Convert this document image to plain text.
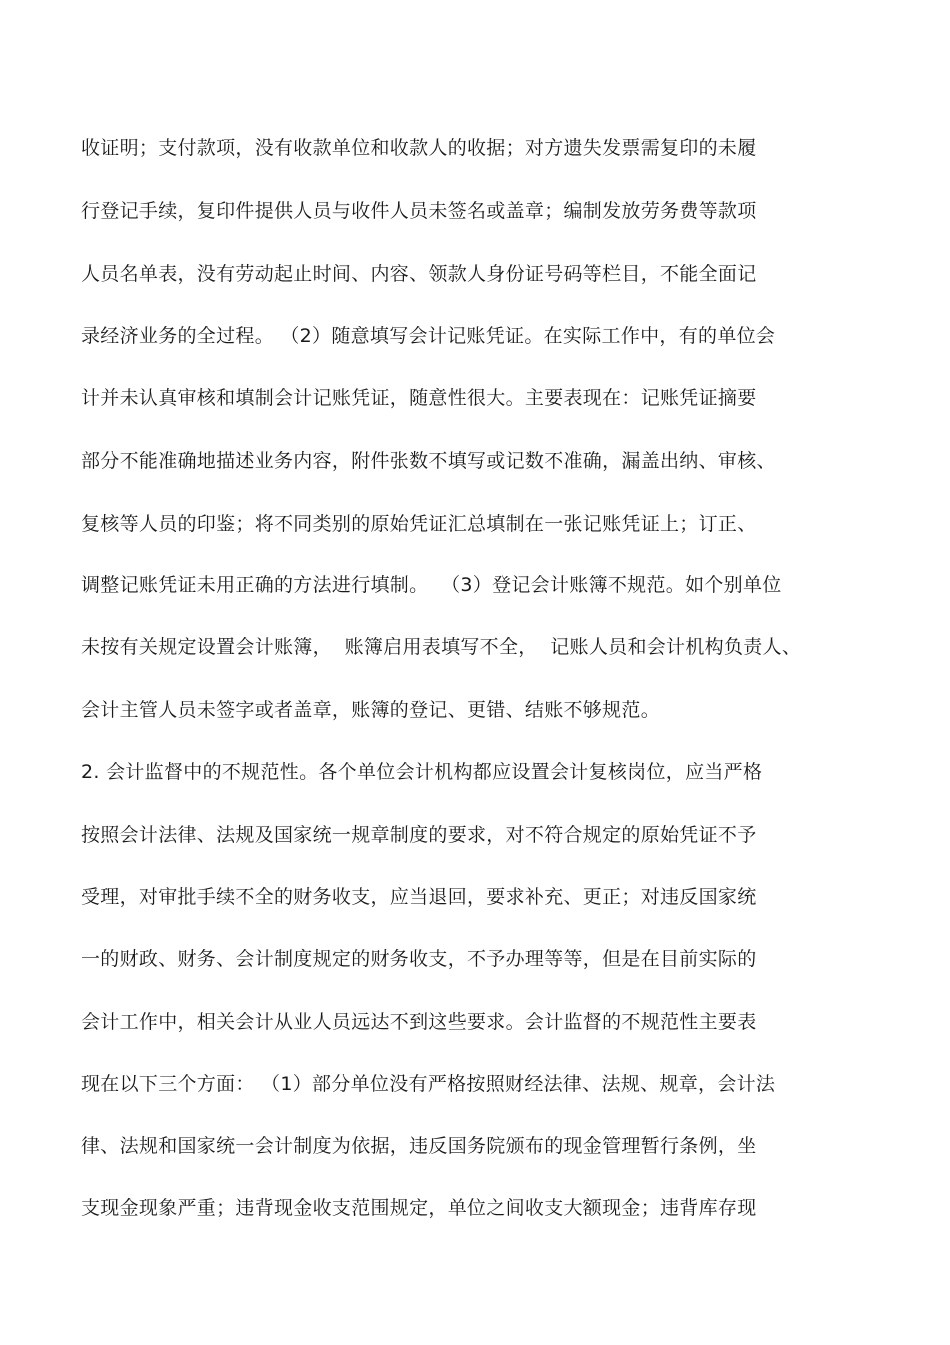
收证明；支付款项，没有收款单位和收款人的收据；对方遗失发票需复印的未履
行登记手续，复印件提供人员与收件人员未签名或盖章；编制发放劳务费等款项
人员名单表，没有劳动起止时间、内容、领款人身份证号码等栏目，不能全面记
录经济业务的全过程。 （2）随意填写会计记账凭证。在实际工作中，有的单位会
计并未认真审核和填制会计记账凭证，随意性很大。主要表现在：记账凭证摘要
部分不能准确地描述业务内容，附件张数不填写或记数不准确，漏盖出纳、审核、
复核等人员的印鉴；将不同类别的原始凭证汇总填制在一张记账凭证上；订正、
调整记账凭证未用正确的方法进行填制。  （3）登记会计账簿不规范。如个别单位
未按有关规定设置会计账簿，  账簿启用表填写不全，  记账人员和会计机构负责人、
会计主管人员未签字或者盖章，账簿的登记、更错、结账不够规范。
2. 会计监督中的不规范性。各个单位会计机构都应设置会计复核岗位，应当严格
按照会计法律、法规及国家统一规章制度的要求，对不符合规定的原始凭证不予
受理，对审批手续不全的财务收支，应当退回，要求补充、更正；对违反国家统
一的财政、财务、会计制度规定的财务收支，不予办理等等，但是在目前实际的
会计工作中，相关会计从业人员远达不到这些要求。会计监督的不规范性主要表
现在以下三个方面： （1）部分单位没有严格按照财经法律、法规、规章，会计法
律、法规和国家统一会计制度为依据，违反国务院颁布的现金管理暂行条例，坐
支现金现象严重；违背现金收支范围规定，单位之间收支大额现金；违背库存现
